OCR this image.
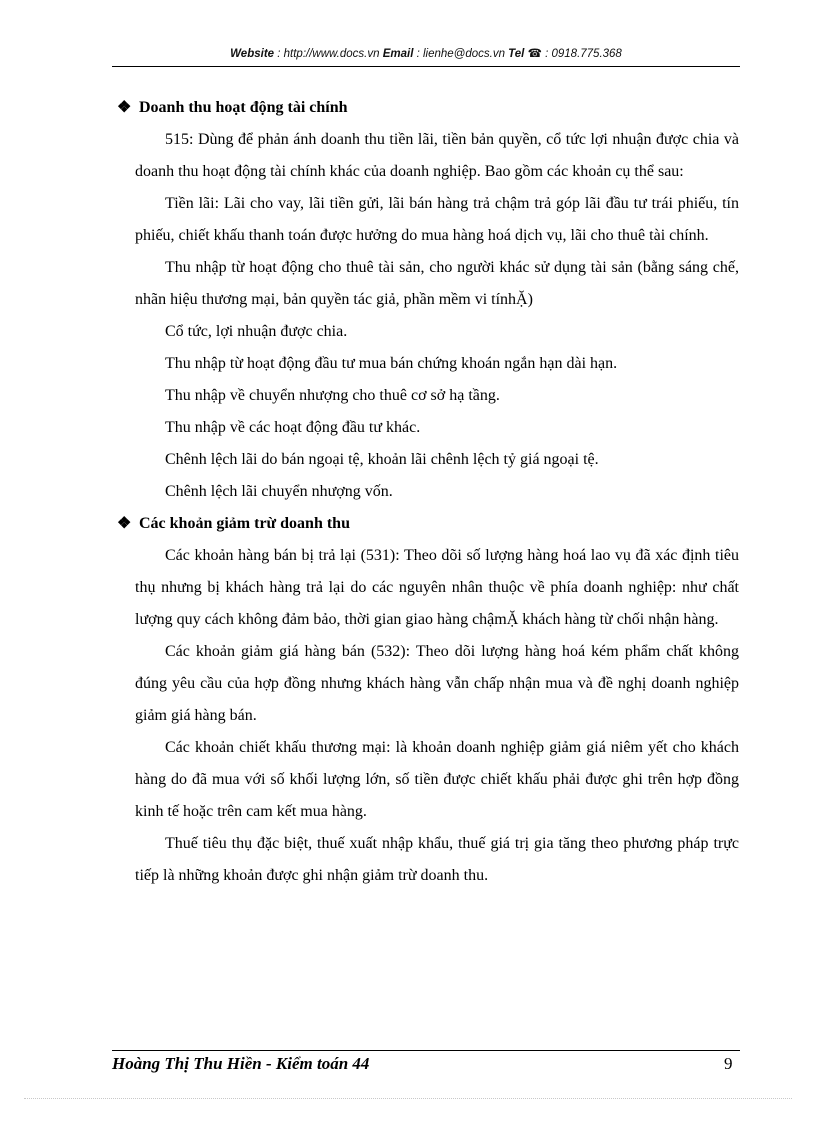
Website : http://www.docs.vn Email : lienhe@docs.vn Tel ☎ : 0918.775.368
❖ Doanh thu hoạt động tài chính

515: Dùng để phản ánh doanh thu tiền lãi, tiền bản quyền, cổ tức lợi nhuận được chia và doanh thu hoạt động tài chính khác của doanh nghiệp. Bao gồm các khoản cụ thể sau:

Tiền lãi: Lãi cho vay, lãi tiền gửi, lãi bán hàng trả chậm trả góp lãi đầu tư trái phiếu, tín phiếu, chiết khấu thanh toán được hưởng do mua hàng hoá dịch vụ, lãi cho thuê tài chính.

Thu nhập từ hoạt động cho thuê tài sản, cho người khác sử dụng tài sản (bằng sáng chế, nhãn hiệu thương mại, bản quyền tác giả, phần mềm vi tínhẶ)

Cổ tức, lợi nhuận được chia.

Thu nhập từ hoạt động đầu tư mua bán chứng khoán ngắn hạn dài hạn.

Thu nhập về chuyển nhượng cho thuê cơ sở hạ tầng.

Thu nhập về các hoạt động đầu tư khác.

Chênh lệch lãi do bán ngoại tệ, khoản lãi chênh lệch tỷ giá ngoại tệ.

Chênh lệch lãi chuyển nhượng vốn.

❖ Các khoản giảm trừ doanh thu

Các khoản hàng bán bị trả lại (531): Theo dõi số lượng hàng hoá lao vụ đã xác định tiêu thụ nhưng bị khách hàng trả lại do các nguyên nhân thuộc về phía doanh nghiệp: như chất lượng quy cách không đảm bảo, thời gian giao hàng chậmẶ khách hàng từ chối nhận hàng.

Các khoản giảm giá hàng bán (532): Theo dõi lượng hàng hoá kém phẩm chất không đúng yêu cầu của hợp đồng nhưng khách hàng vẫn chấp nhận mua và đề nghị doanh nghiệp giảm giá hàng bán.

Các khoản chiết khấu thương mại: là khoản doanh nghiệp giảm giá niêm yết cho khách hàng do đã mua với số khối lượng lớn, số tiền được chiết khấu phải được ghi trên hợp đồng kinh tế hoặc trên cam kết mua hàng.

Thuế tiêu thụ đặc biệt, thuế xuất nhập khẩu, thuế giá trị gia tăng theo phương pháp trực tiếp là những khoản được ghi nhận giảm trừ doanh thu.

Hoàng Thị Thu Hiền - Kiểm toán 44	9
